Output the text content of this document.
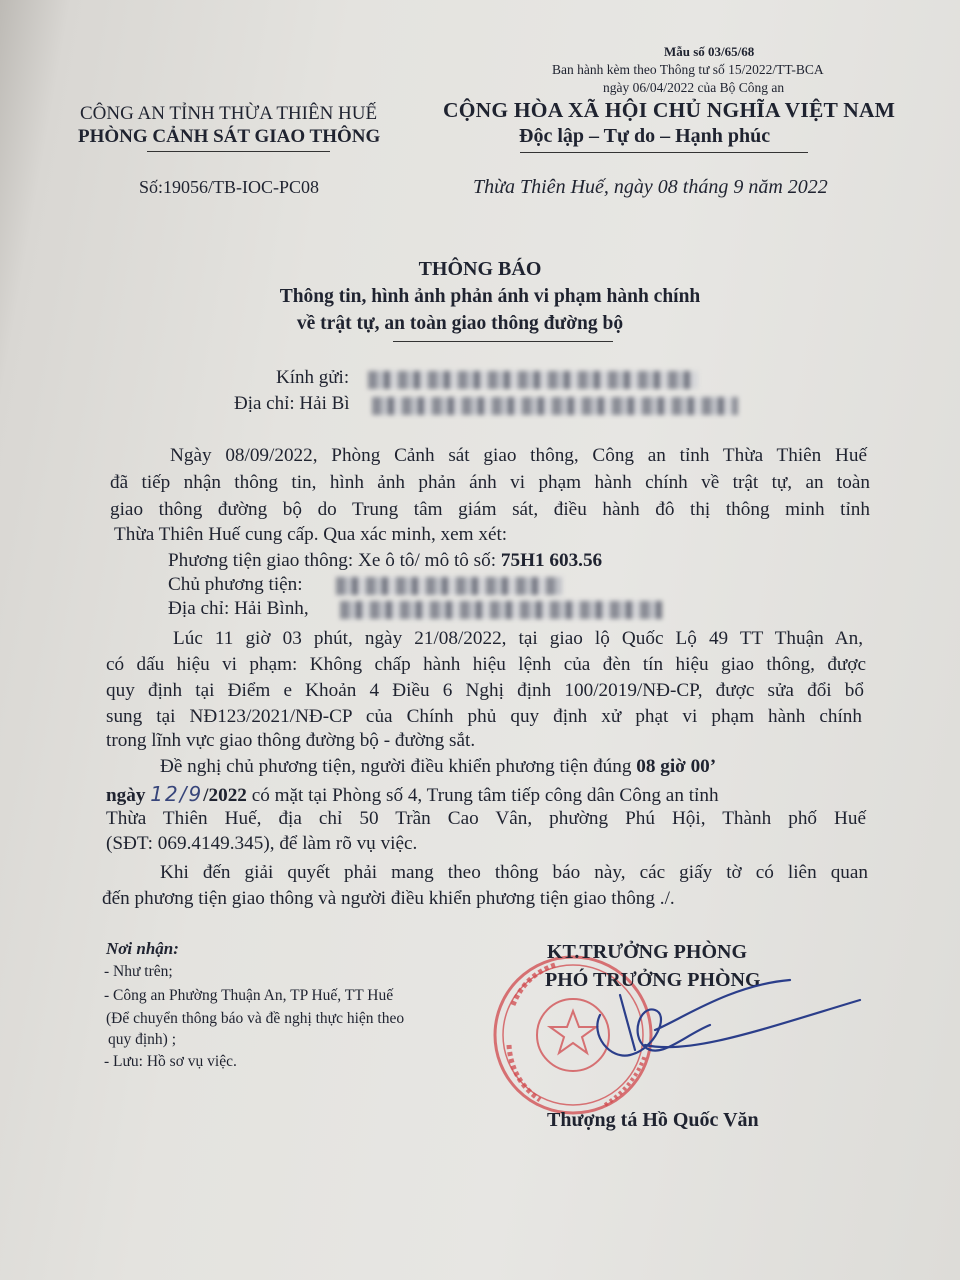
Mẫu số 03/65/68
Ban hành kèm theo Thông tư số 15/2022/TT-BCA
ngày 06/04/2022 của Bộ Công an
CÔNG AN TỈNH THỪA THIÊN HUẾ
PHÒNG CẢNH SÁT GIAO THÔNG
CỘNG HÒA XÃ HỘI CHỦ NGHĨA VIỆT NAM
Độc lập – Tự do – Hạnh phúc
Số:19056/TB-IOC-PC08	Thừa Thiên Huế, ngày 08 tháng 9 năm 2022
THÔNG BÁO
Thông tin, hình ảnh phản ánh vi phạm hành chính
về trật tự, an toàn giao thông đường bộ
Kính gửi:
Địa chỉ: Hải Bì
Ngày 08/09/2022, Phòng Cảnh sát giao thông, Công an tỉnh Thừa Thiên Huế
đã tiếp nhận thông tin, hình ảnh phản ánh vi phạm hành chính về trật tự, an toàn
giao thông đường bộ do Trung tâm giám sát, điều hành đô thị thông minh tỉnh
Thừa Thiên Huế cung cấp. Qua xác minh, xem xét:
Phương tiện giao thông: Xe ô tô/ mô tô số: 75H1 603.56
Chủ phương tiện:
Địa chỉ: Hải Bình,
Lúc 11 giờ 03 phút, ngày 21/08/2022, tại giao lộ Quốc Lộ 49 TT Thuận An,
có dấu hiệu vi phạm: Không chấp hành hiệu lệnh của đèn tín hiệu giao thông, được
quy định tại Điểm e Khoản 4 Điều 6 Nghị định 100/2019/NĐ-CP, được sửa đổi bổ
sung tại NĐ123/2021/NĐ-CP của Chính phủ quy định xử phạt vi phạm hành chính
trong lĩnh vực giao thông đường bộ - đường sắt.
Đề nghị chủ phương tiện, người điều khiển phương tiện đúng 08 giờ 00’
ngày 12/9/2022 có mặt tại Phòng số 4, Trung tâm tiếp công dân Công an tỉnh
Thừa Thiên Huế, địa chỉ 50 Trần Cao Vân, phường Phú Hội, Thành phố Huế
(SĐT: 069.4149.345), để làm rõ vụ việc.
Khi đến giải quyết phải mang theo thông báo này, các giấy tờ có liên quan
đến phương tiện giao thông và người điều khiển phương tiện giao thông ./.
Nơi nhận:
- Như trên;
- Công an Phường Thuận An, TP Huế, TT Huế
(Để chuyển thông báo và đề nghị thực hiện theo
quy định) ;
- Lưu: Hồ sơ vụ việc.
KT.TRƯỞNG PHÒNG
PHÓ TRƯỞNG PHÒNG
Thượng tá Hồ Quốc Văn
